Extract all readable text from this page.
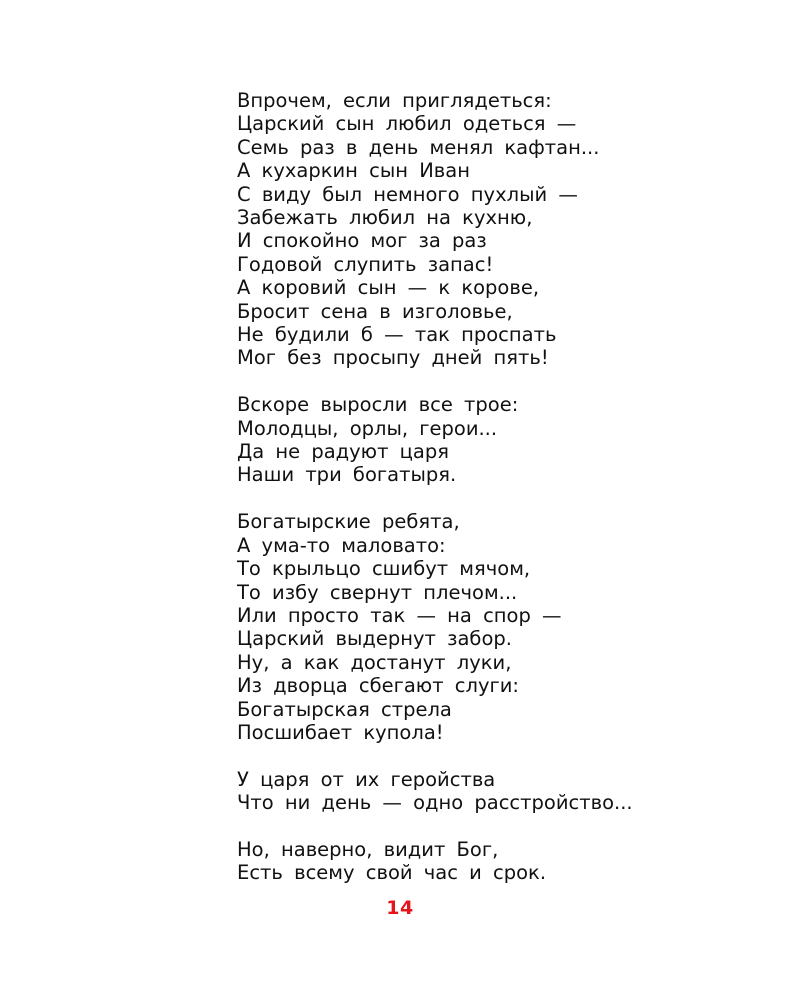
Впрочем, если приглядеться:
Царский сын любил одеться —
Семь раз в день менял кафтан...
А кухаркин сын Иван
С виду был немного пухлый —
Забежать любил на кухню,
И спокойно мог за раз
Годовой слупить запас!
А коровий сын — к корове,
Бросит сена в изголовье,
Не будили б — так проспать
Мог без просыпу дней пять!
Вскоре выросли все трое:
Молодцы, орлы, герои...
Да не радуют царя
Наши три богатыря.
Богатырские ребята,
А ума-то маловато:
То крыльцо сшибут мячом,
То избу свернут плечом...
Или просто так — на спор —
Царский выдернут забор.
Ну, а как достанут луки,
Из дворца сбегают слуги:
Богатырская стрела
Посшибает купола!
У царя от их геройства
Что ни день — одно расстройство...
Но, наверно, видит Бог,
Есть всему свой час и срок.
14
